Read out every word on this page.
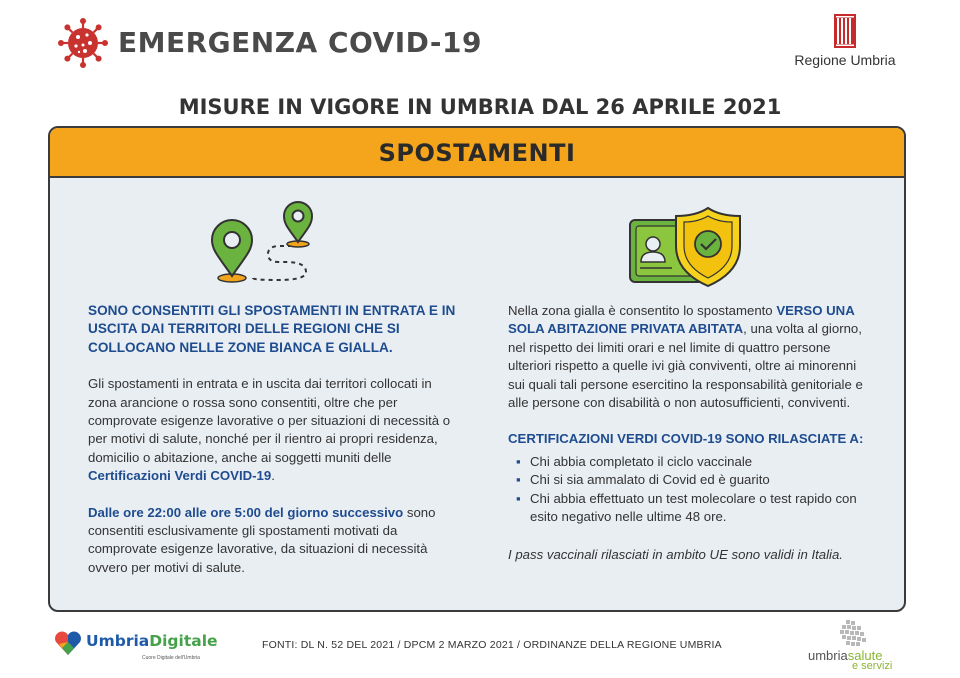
EMERGENZA COVID-19
Regione Umbria
MISURE IN VIGORE IN UMBRIA DAL 26 APRILE 2021
SPOSTAMENTI
SONO CONSENTITI GLI SPOSTAMENTI IN ENTRATA E IN USCITA DAI TERRITORI DELLE REGIONI CHE SI COLLOCANO NELLE ZONE BIANCA E GIALLA.
Gli spostamenti in entrata e in uscita dai territori collocati in zona arancione o rossa sono consentiti, oltre che per comprovate esigenze lavorative o per situazioni di necessità o per motivi di salute, nonché per il rientro ai propri residenza, domicilio o abitazione, anche ai soggetti muniti delle Certificazioni Verdi COVID-19.
Dalle ore 22:00 alle ore 5:00 del giorno successivo sono consentiti esclusivamente gli spostamenti motivati da comprovate esigenze lavorative, da situazioni di necessità ovvero per motivi di salute.
Nella zona gialla è consentito lo spostamento VERSO UNA SOLA ABITAZIONE PRIVATA ABITATA, una volta al giorno, nel rispetto dei limiti orari e nel limite di quattro persone ulteriori rispetto a quelle ivi già conviventi, oltre ai minorenni sui quali tali persone esercitino la responsabilità genitoriale e alle persone con disabilità o non autosufficienti, conviventi.
CERTIFICAZIONI VERDI COVID-19 SONO RILASCIATE A:
▪ Chi abbia completato il ciclo vaccinale
▪ Chi si sia ammalato di Covid ed è guarito
▪ Chi abbia effettuato un test molecolare o test rapido con esito negativo nelle ultime 48 ore.
I pass vaccinali rilasciati in ambito UE sono validi in Italia.
UmbriaDigitale
Cuore Digitale dell'Umbria
FONTI: DL N. 52 DEL 2021 / DPCM 2 MARZO 2021 / ORDINANZE DELLA REGIONE UMBRIA
umbriasalute
e servizi
